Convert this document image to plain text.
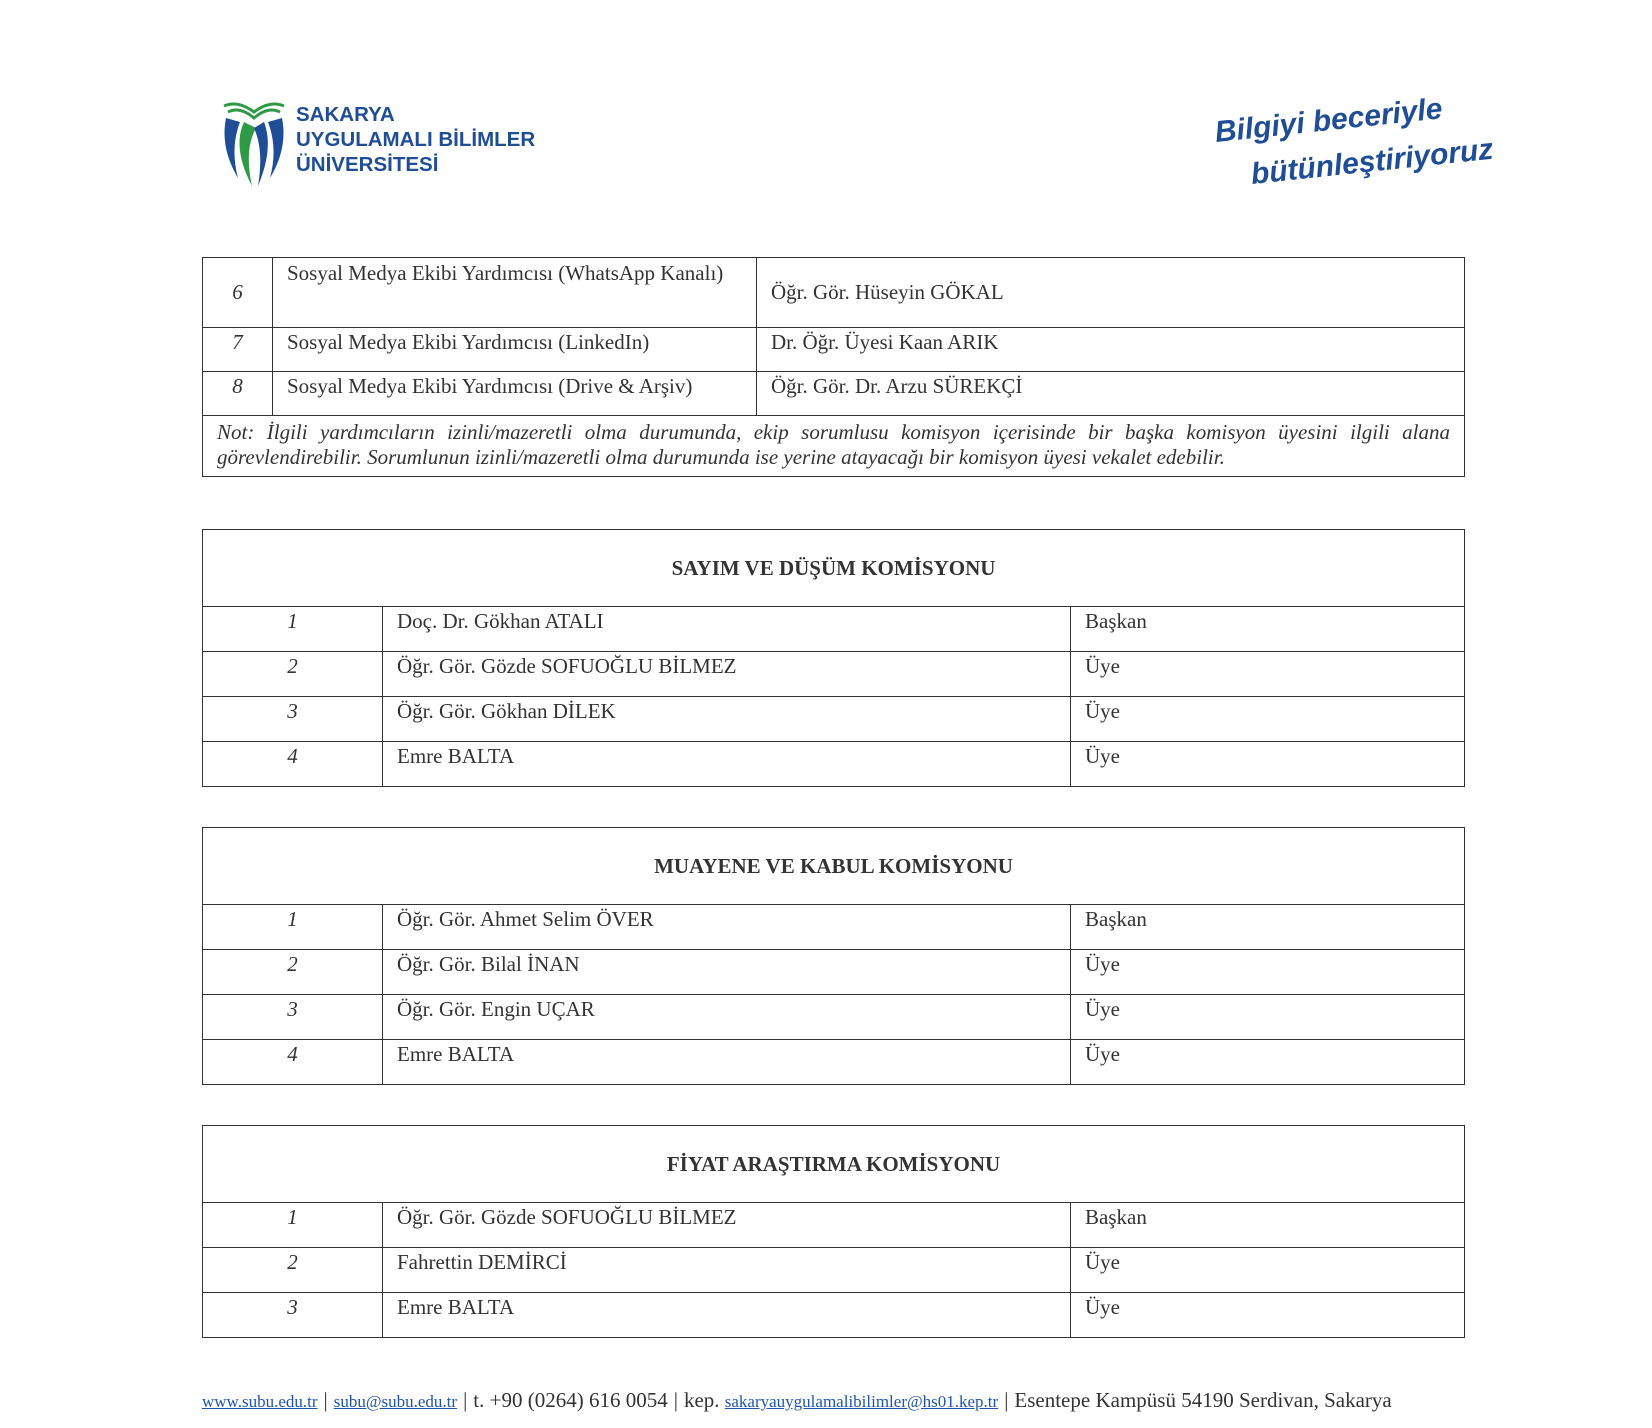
SAKARYA
UYGULAMALI BİLİMLER
ÜNİVERSİTESİ
Bilgiyi beceriyle
bütünleştiriyoruz
6	Sosyal Medya Ekibi Yardımcısı (WhatsApp Kanalı)	Öğr. Gör. Hüseyin GÖKAL
7	Sosyal Medya Ekibi Yardımcısı (LinkedIn)	Dr. Öğr. Üyesi Kaan ARIK
8	Sosyal Medya Ekibi Yardımcısı (Drive & Arşiv)	Öğr. Gör. Dr. Arzu SÜREKÇİ
Not: İlgili yardımcıların izinli/mazeretli olma durumunda, ekip sorumlusu komisyon içerisinde bir başka komisyon üyesini ilgili alana görevlendirebilir. Sorumlunun izinli/mazeretli olma durumunda ise yerine atayacağı bir komisyon üyesi vekalet edebilir.		
SAYIM VE DÜŞÜM KOMİSYONU		
1	Doç. Dr. Gökhan ATALI	Başkan
2	Öğr. Gör. Gözde SOFUOĞLU BİLMEZ	Üye
3	Öğr. Gör. Gökhan DİLEK	Üye
4	Emre BALTA	Üye
MUAYENE VE KABUL KOMİSYONU		
1	Öğr. Gör. Ahmet Selim ÖVER	Başkan
2	Öğr. Gör. Bilal İNAN	Üye
3	Öğr. Gör. Engin UÇAR	Üye
4	Emre BALTA	Üye
FİYAT ARAŞTIRMA KOMİSYONU		
1	Öğr. Gör. Gözde SOFUOĞLU BİLMEZ	Başkan
2	Fahrettin DEMİRCİ	Üye
3	Emre BALTA	Üye
www.subu.edu.tr | subu@subu.edu.tr | t. +90 (0264) 616 0054 | kep. sakaryauygulamalibilimler@hs01.kep.tr | Esentepe Kampüsü 54190 Serdivan, Sakarya
